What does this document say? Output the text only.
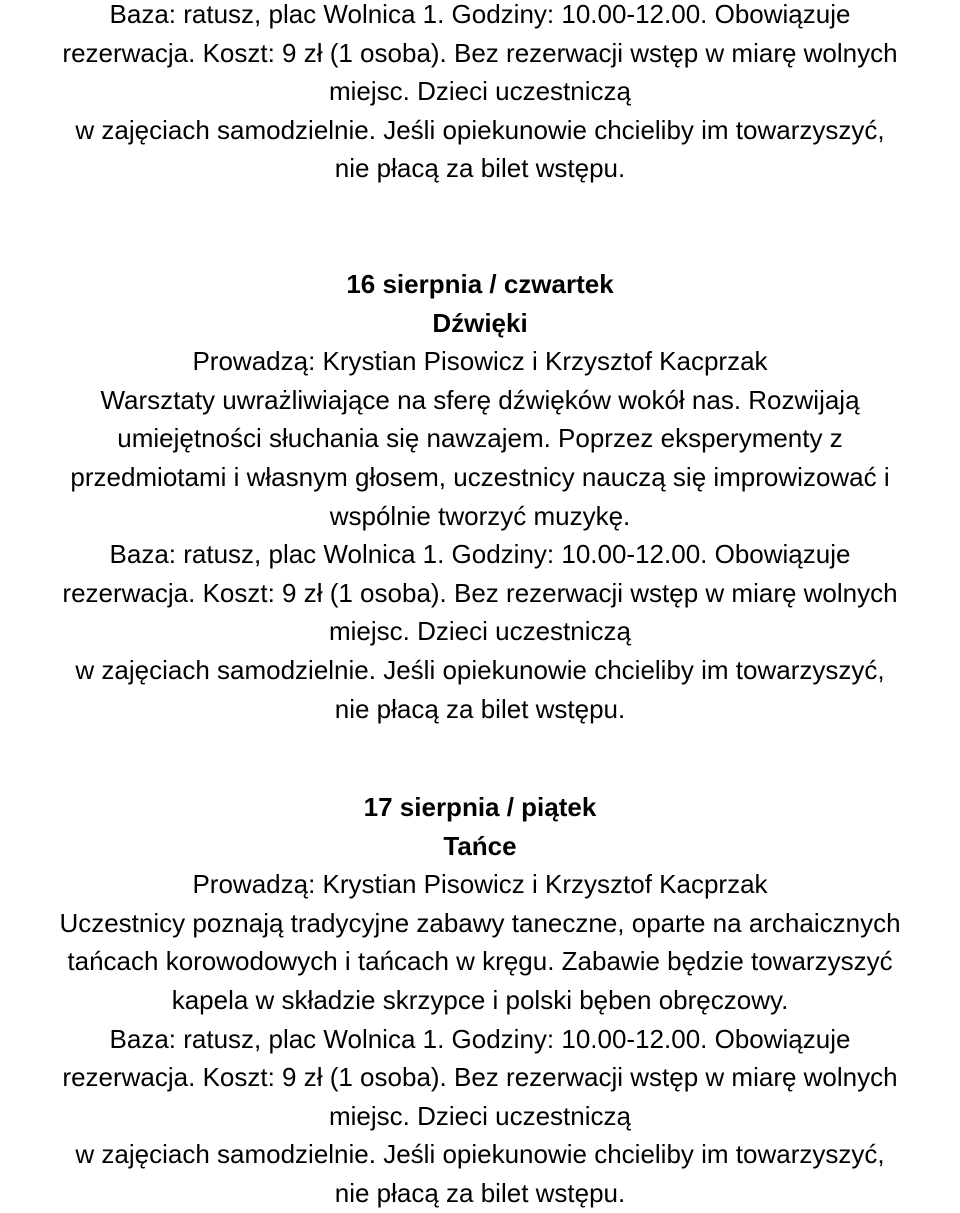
Baza: ratusz, plac Wolnica 1. Godziny: 10.00-12.00. Obowiązuje
rezerwacja. Koszt: 9 zł (1 osoba). Bez rezerwacji wstęp w miarę wolnych
miejsc. Dzieci uczestniczą
w zajęciach samodzielnie. Jeśli opiekunowie chcieliby im towarzyszyć,
nie płacą za bilet wstępu.
16 sierpnia / czwartek
Dźwięki
Prowadzą: Krystian Pisowicz i Krzysztof Kacprzak
Warsztaty uwrażliwiające na sferę dźwięków wokół nas. Rozwijają
umiejętności słuchania się nawzajem. Poprzez eksperymenty z
przedmiotami i własnym głosem, uczestnicy nauczą się improwizować i
wspólnie tworzyć muzykę.
Baza: ratusz, plac Wolnica 1. Godziny: 10.00-12.00. Obowiązuje
rezerwacja. Koszt: 9 zł (1 osoba). Bez rezerwacji wstęp w miarę wolnych
miejsc. Dzieci uczestniczą
w zajęciach samodzielnie. Jeśli opiekunowie chcieliby im towarzyszyć,
nie płacą za bilet wstępu.
17 sierpnia / piątek
Tańce
Prowadzą: Krystian Pisowicz i Krzysztof Kacprzak
Uczestnicy poznają tradycyjne zabawy taneczne, oparte na archaicznych
tańcach korowodowych i tańcach w kręgu. Zabawie będzie towarzyszyć
kapela w składzie skrzypce i polski bęben obręczowy.
Baza: ratusz, plac Wolnica 1. Godziny: 10.00-12.00. Obowiązuje
rezerwacja. Koszt: 9 zł (1 osoba). Bez rezerwacji wstęp w miarę wolnych
miejsc. Dzieci uczestniczą
w zajęciach samodzielnie. Jeśli opiekunowie chcieliby im towarzyszyć,
nie płacą za bilet wstępu.
